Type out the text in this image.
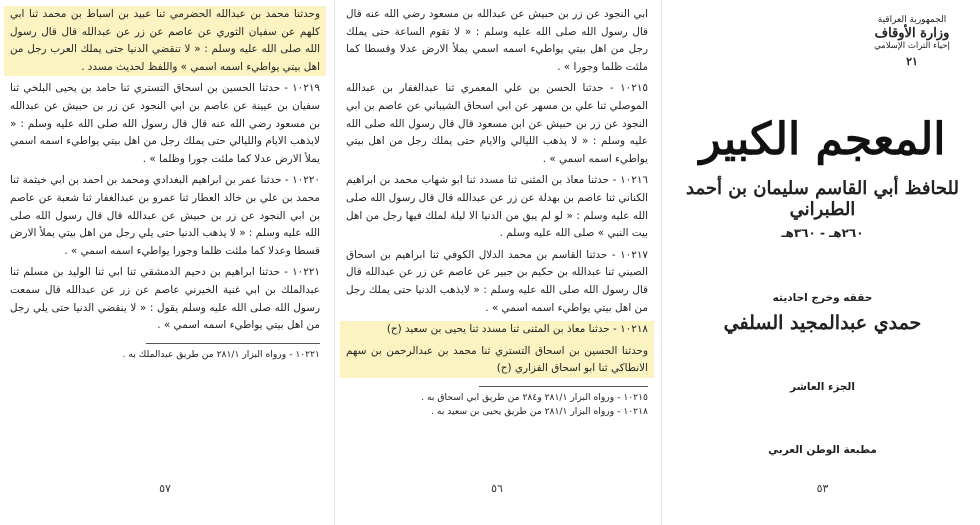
وحدثنا محمد بن عبدالله الحضرمي ثنا عبيد بن اسباط بن محمد ثنا ابي كلهم عن سفيان الثوري عن عاصم عن زر عن عبدالله قال قال رسول الله صلى الله عليه وسلم : « لا تنقضي الدنيا حتى يملك العرب رجل من اهل بيتي يواطيء اسمه اسمي » واللفظ لحديث مسدد .

١٠٢١٩ - حدثنا الحسين بن اسحاق التستري ثنا حامد بن يحيى البلخي ثنا سفيان بن عيينة عن عاصم بن ابي النجود عن زر بن حبيش عن عبدالله بن مسعود رضي الله عنه قال قال رسول الله صلى الله عليه وسلم : « لايذهب الايام والليالي حتى يملك رجل من اهل بيتي يواطيء اسمه اسمي يملأ الارض عدلا كما ملئت جورا وظلما » .

١٠٢٢٠ - حدثنا عمر بن ابراهيم البغدادي ومحمد بن احمد بن ابي خيثمة ثنا محمد بن علي بن خالد العطار ثنا عمرو بن عبدالغفار ثنا شعبة عن عاصم بن ابي النجود عن زر بن حبيش عن عبدالله قال قال رسول الله صلى الله عليه وسلم : « لا يذهب الدنيا حتى يلي رجل من اهل بيتي يملأ الارض قسطا وعدلا كما ملئت ظلما وجورا يواطيء اسمه اسمي » .

١٠٢٢١ - حدثنا ابراهيم بن دحيم الدمشقي ثنا ابي ثنا الوليد بن مسلم ثنا عبدالملك بن ابي غنية الخيرني عاصم عن زر عن عبدالله قال سمعت رسول الله صلى الله عليه وسلم يقول : « لا ينقضي الدنيا حتى يلي رجل من اهل بيتي يواطيء اسمه اسمي » .

١٠٢٢١ - ورواه البزار ٢٨١/١ من طريق عبدالملك به .

٥٧

ابي النجود عن زر بن حبيش عن عبدالله بن مسعود رضي الله عنه قال قال رسول الله صلى الله عليه وسلم : « لا تقوم الساعة حتى يملك رجل من اهل بيتي يواطيء اسمه اسمي يملأ الارض عدلا وقسطا كما ملئت ظلما وجورا » .

١٠٢١٥ - حدثنا الحسن بن علي المعمري ثنا عبدالغفار بن عبدالله الموصلي ثنا علي بن مسهر عن ابي اسحاق الشيباني عن عاصم بن ابي النجود عن زر بن حبيش عن ابن مسعود قال قال رسول الله صلى الله عليه وسلم : « لا يذهب الليالي والايام حتى يملك رجل من اهل بيتي يواطيء اسمه اسمي » .

١٠٢١٦ - حدثنا معاذ بن المثنى ثنا مسدد ثنا ابو شهاب محمد بن ابراهيم الكناني ثنا عاصم بن بهدلة عن زر عن عبدالله قال قال رسول الله صلى الله عليه وسلم : « لو لم يبق من الدنيا الا ليلة لملك فيها رجل من اهل بيت النبي » صلى الله عليه وسلم .

١٠٢١٧ - حدثنا القاسم بن محمد الدلال الكوفي ثنا ابراهيم بن اسحاق الصيني ثنا عبدالله بن حكيم بن جبير عن عاصم عن زر عن عبدالله قال قال رسول الله صلى الله عليه وسلم : « لايذهب الدنيا حتى يملك رجل من اهل بيتي يواطيء اسمه اسمي » .

١٠٢١٨ - حدثنا معاذ بن المثنى ثنا مسدد ثنا يحيى بن سعيد (ح)

وحدثنا الحسين بن اسحاق التستري ثنا محمد بن عبدالرحمن بن سهم الانطاكي ثنا ابو اسحاق الفزاري (ح)

١٠٢١٥ - ورواه البزار ٢٨١/١ و٢٨٤ من طريق ابي اسحاق به .

١٠٢١٨ - ورواه البزار ٢٨١/١ من طريق يحيى بن سعيد به .

٥٦
الجمهورية العراقية
وزارة الأوقاف
إحياء التراث الإسلامي
٢١
المعجم الكبير
للحافظ أبي القاسم سليمان بن أحمد الطبراني
٢٦٠هـ - ٣٦٠هـ
حققه وخرج احاديثه
حمدي عبدالمجيد السلفي
الجزء العاشر
مطبعة الوطن العربي
٥٣
